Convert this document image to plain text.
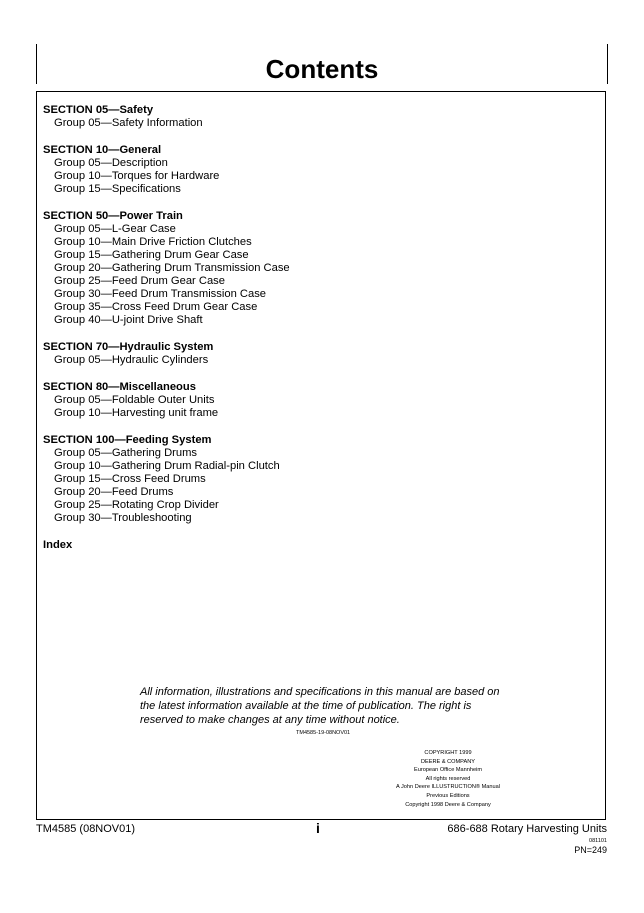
Contents
SECTION 05—Safety
Group 05—Safety Information
SECTION 10—General
Group 05—Description
Group 10—Torques for Hardware
Group 15—Specifications
SECTION 50—Power Train
Group 05—L-Gear Case
Group 10—Main Drive Friction Clutches
Group 15—Gathering Drum Gear Case
Group 20—Gathering Drum Transmission Case
Group 25—Feed Drum Gear Case
Group 30—Feed Drum Transmission Case
Group 35—Cross Feed Drum Gear Case
Group 40—U-joint Drive Shaft
SECTION 70—Hydraulic System
Group 05—Hydraulic Cylinders
SECTION 80—Miscellaneous
Group 05—Foldable Outer Units
Group 10—Harvesting unit frame
SECTION 100—Feeding System
Group 05—Gathering Drums
Group 10—Gathering Drum Radial-pin Clutch
Group 15—Cross Feed Drums
Group 20—Feed Drums
Group 25—Rotating Crop Divider
Group 30—Troubleshooting
Index
All information, illustrations and specifications in this manual are based on
the latest information available at the time of publication. The right is
reserved to make changes at any time without notice.
TM4585-19-08NOV01
COPYRIGHT 1999
DEERE & COMPANY
European Office Mannheim
All rights reserved
A John Deere ILLUSTRUCTION® Manual
Previous Editions
Copyright 1998 Deere & Company
TM4585 (08NOV01)	i	686-688 Rotary Harvesting Units
081101
PN=249
